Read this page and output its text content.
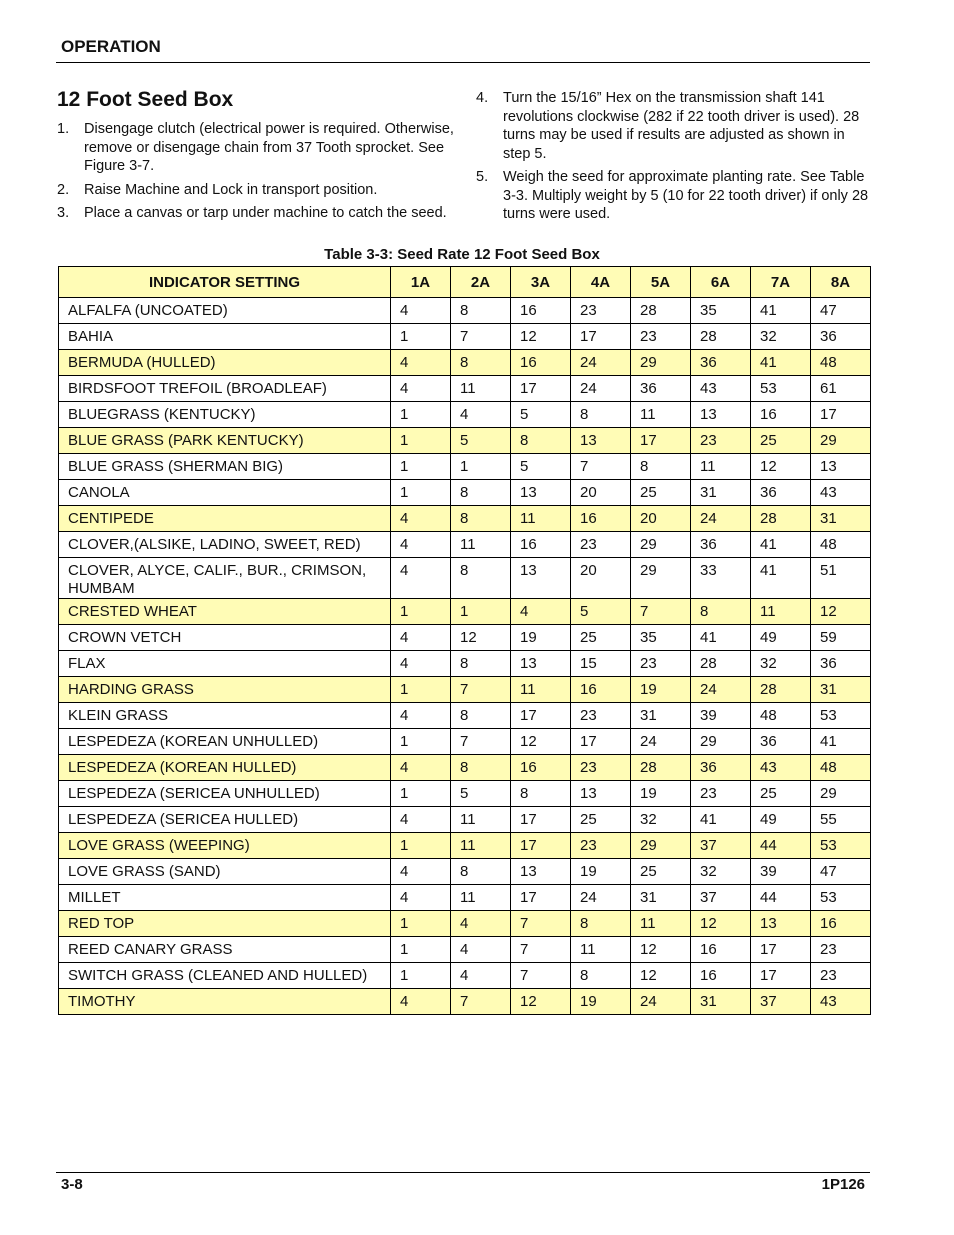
OPERATION
12 Foot Seed Box
1. Disengage clutch (electrical power is required. Otherwise, remove or disengage chain from 37 Tooth sprocket. See Figure 3-7.
2. Raise Machine and Lock in transport position.
3. Place a canvas or tarp under machine to catch the seed.
4. Turn the 15/16” Hex on the transmission shaft 141 revolutions clockwise (282 if 22 tooth driver is used). 28 turns may be used if results are adjusted as shown in step 5.
5. Weigh the seed for approximate planting rate. See Table 3-3. Multiply weight by 5 (10 for 22 tooth driver) if only 28 turns were used.
Table 3-3: Seed Rate 12 Foot Seed Box
INDICATOR SETTING	1A	2A	3A	4A	5A	6A	7A	8A
ALFALFA (UNCOATED)	4	8	16	23	28	35	41	47
BAHIA	1	7	12	17	23	28	32	36
BERMUDA (HULLED)	4	8	16	24	29	36	41	48
BIRDSFOOT TREFOIL (BROADLEAF)	4	11	17	24	36	43	53	61
BLUEGRASS (KENTUCKY)	1	4	5	8	11	13	16	17
BLUE GRASS (PARK KENTUCKY)	1	5	8	13	17	23	25	29
BLUE GRASS (SHERMAN BIG)	1	1	5	7	8	11	12	13
CANOLA	1	8	13	20	25	31	36	43
CENTIPEDE	4	8	11	16	20	24	28	31
CLOVER,(ALSIKE, LADINO, SWEET, RED)	4	11	16	23	29	36	41	48
CLOVER, ALYCE, CALIF., BUR., CRIMSON, HUMBAM	4	8	13	20	29	33	41	51
CRESTED WHEAT	1	1	4	5	7	8	11	12
CROWN VETCH	4	12	19	25	35	41	49	59
FLAX	4	8	13	15	23	28	32	36
HARDING GRASS	1	7	11	16	19	24	28	31
KLEIN GRASS	4	8	17	23	31	39	48	53
LESPEDEZA (KOREAN UNHULLED)	1	7	12	17	24	29	36	41
LESPEDEZA (KOREAN HULLED)	4	8	16	23	28	36	43	48
LESPEDEZA (SERICEA UNHULLED)	1	5	8	13	19	23	25	29
LESPEDEZA (SERICEA HULLED)	4	11	17	25	32	41	49	55
LOVE GRASS (WEEPING)	1	11	17	23	29	37	44	53
LOVE GRASS (SAND)	4	8	13	19	25	32	39	47
MILLET	4	11	17	24	31	37	44	53
RED TOP	1	4	7	8	11	12	13	16
REED CANARY GRASS	1	4	7	11	12	16	17	23
SWITCH GRASS (CLEANED AND HULLED)	1	4	7	8	12	16	17	23
TIMOTHY	4	7	12	19	24	31	37	43
3-8	1P126
